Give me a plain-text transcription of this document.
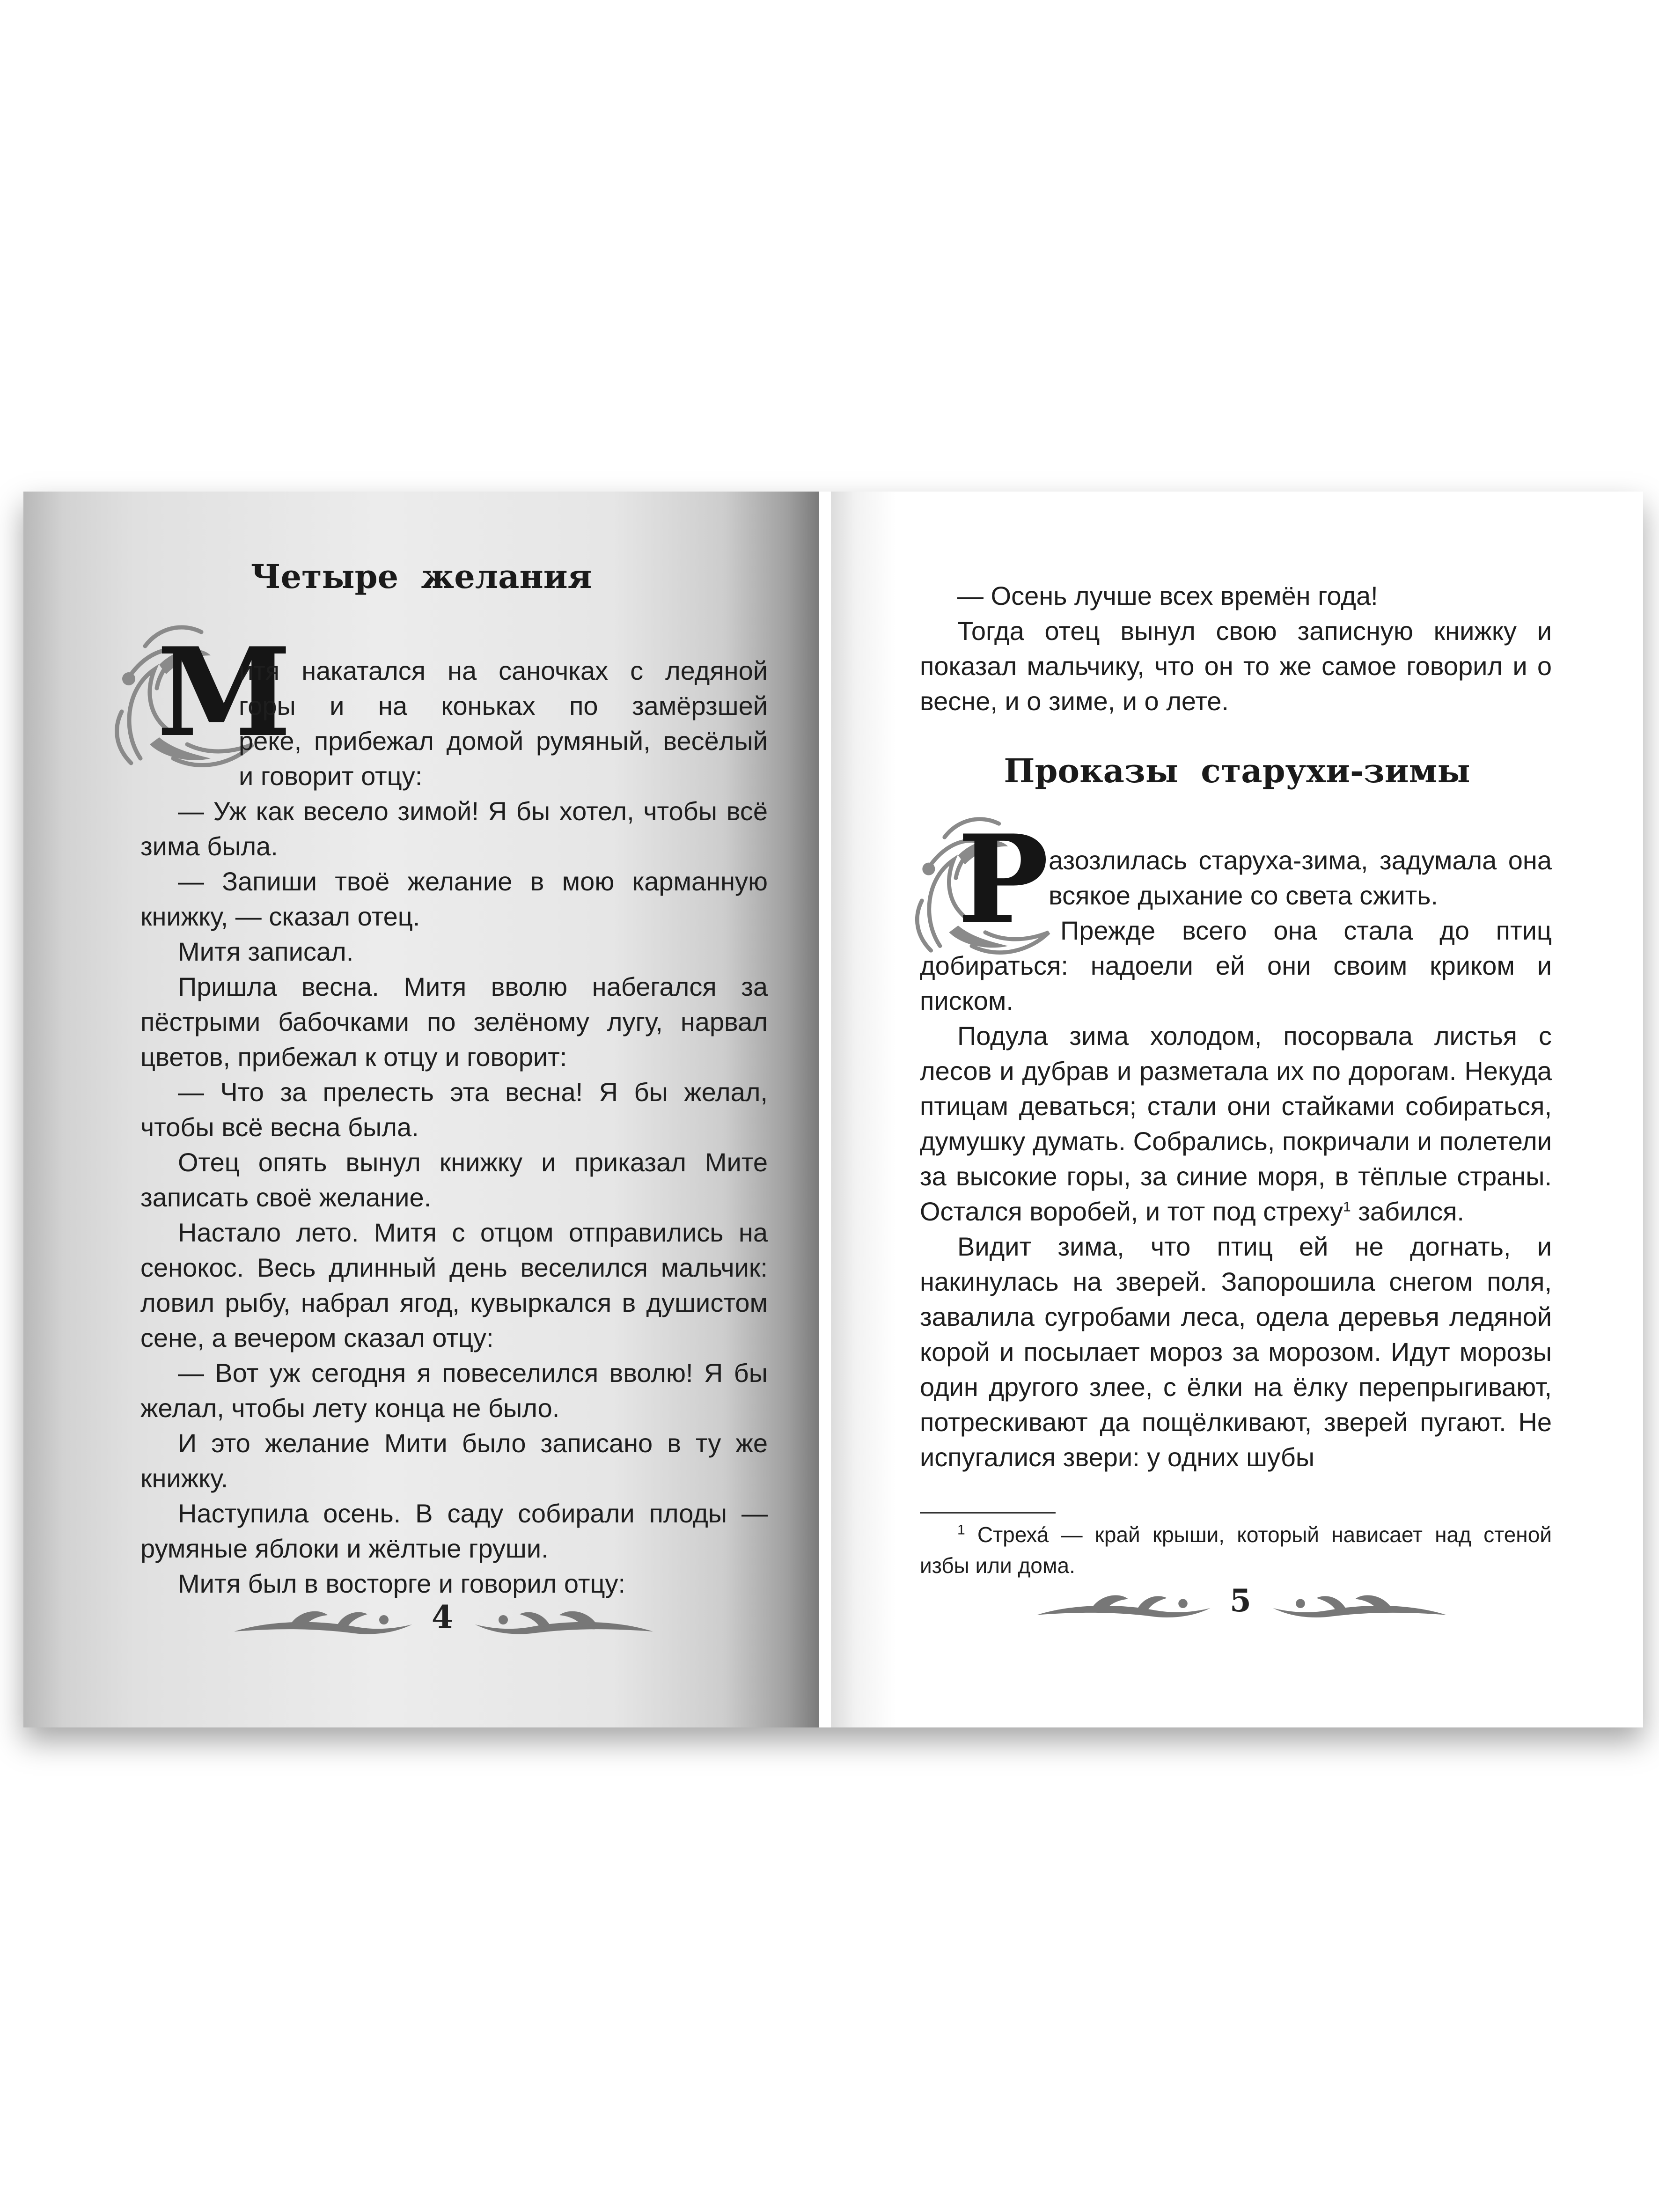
Четыре желания
М

итя накатался на саночках с ледяной

горы и на коньках по замёрзшей

реке, прибежал домой румяный, весёлый и говорит отцу:

— Уж как весело зимой! Я бы хотел, чтобы всё зима была.

— Запиши твоё желание в мою карманную книжку, — сказал отец.

Митя записал.

Пришла весна. Митя вволю набегался за пёстрыми бабочками по зелёному лугу, нарвал цветов, прибежал к отцу и говорит:

— Что за прелесть эта весна! Я бы желал, чтобы всё весна была.

Отец опять вынул книжку и приказал Мите записать своё желание.

Настало лето. Митя с отцом отправились на сенокос. Весь длинный день веселился мальчик: ловил рыбу, набрал ягод, кувыркался в душистом сене, а вечером сказал отцу:

— Вот уж сегодня я повеселился вволю! Я бы желал, чтобы лету конца не было.

И это желание Мити было записано в ту же книжку.

Наступила осень. В саду собирали плоды — румяные яблоки и жёлтые груши.

Митя был в восторге и говорил отцу:

4

— Осень лучше всех времён года!

Тогда отец вынул свою записную книжку и показал мальчику, что он то же самое говорил и о весне, и о зиме, и о лете.

Проказы старухи-зимы
Р азозлилась старуха-зима, задумала она

всякое дыхание со света сжить.

Прежде всего она стала до птиц добираться: надоели ей они своим криком и писком.

Подула зима холодом, посорвала листья с лесов и дубрав и разметала их по дорогам. Некуда птицам деваться; стали они стайками собираться, думушку думать. Собрались, покричали и полетели за высокие горы, за синие моря, в тёплые страны. Остался воробей, и тот под стреху$^1$ забился.

Видит зима, что птиц ей не догнать, и накинулась на зверей. Запорошила снегом поля, завалила сугробами леса, одела деревья ледяной корой и посылает мороз за морозом. Идут морозы один другого злее, с ёлки на ёлку перепрыгивают, потрескивают да пощёлкивают, зверей пугают. Не испугалися звери: у одних шубы

$^1$ Стреха́ — край крыши, который нависает над стеной избы или дома.

5
